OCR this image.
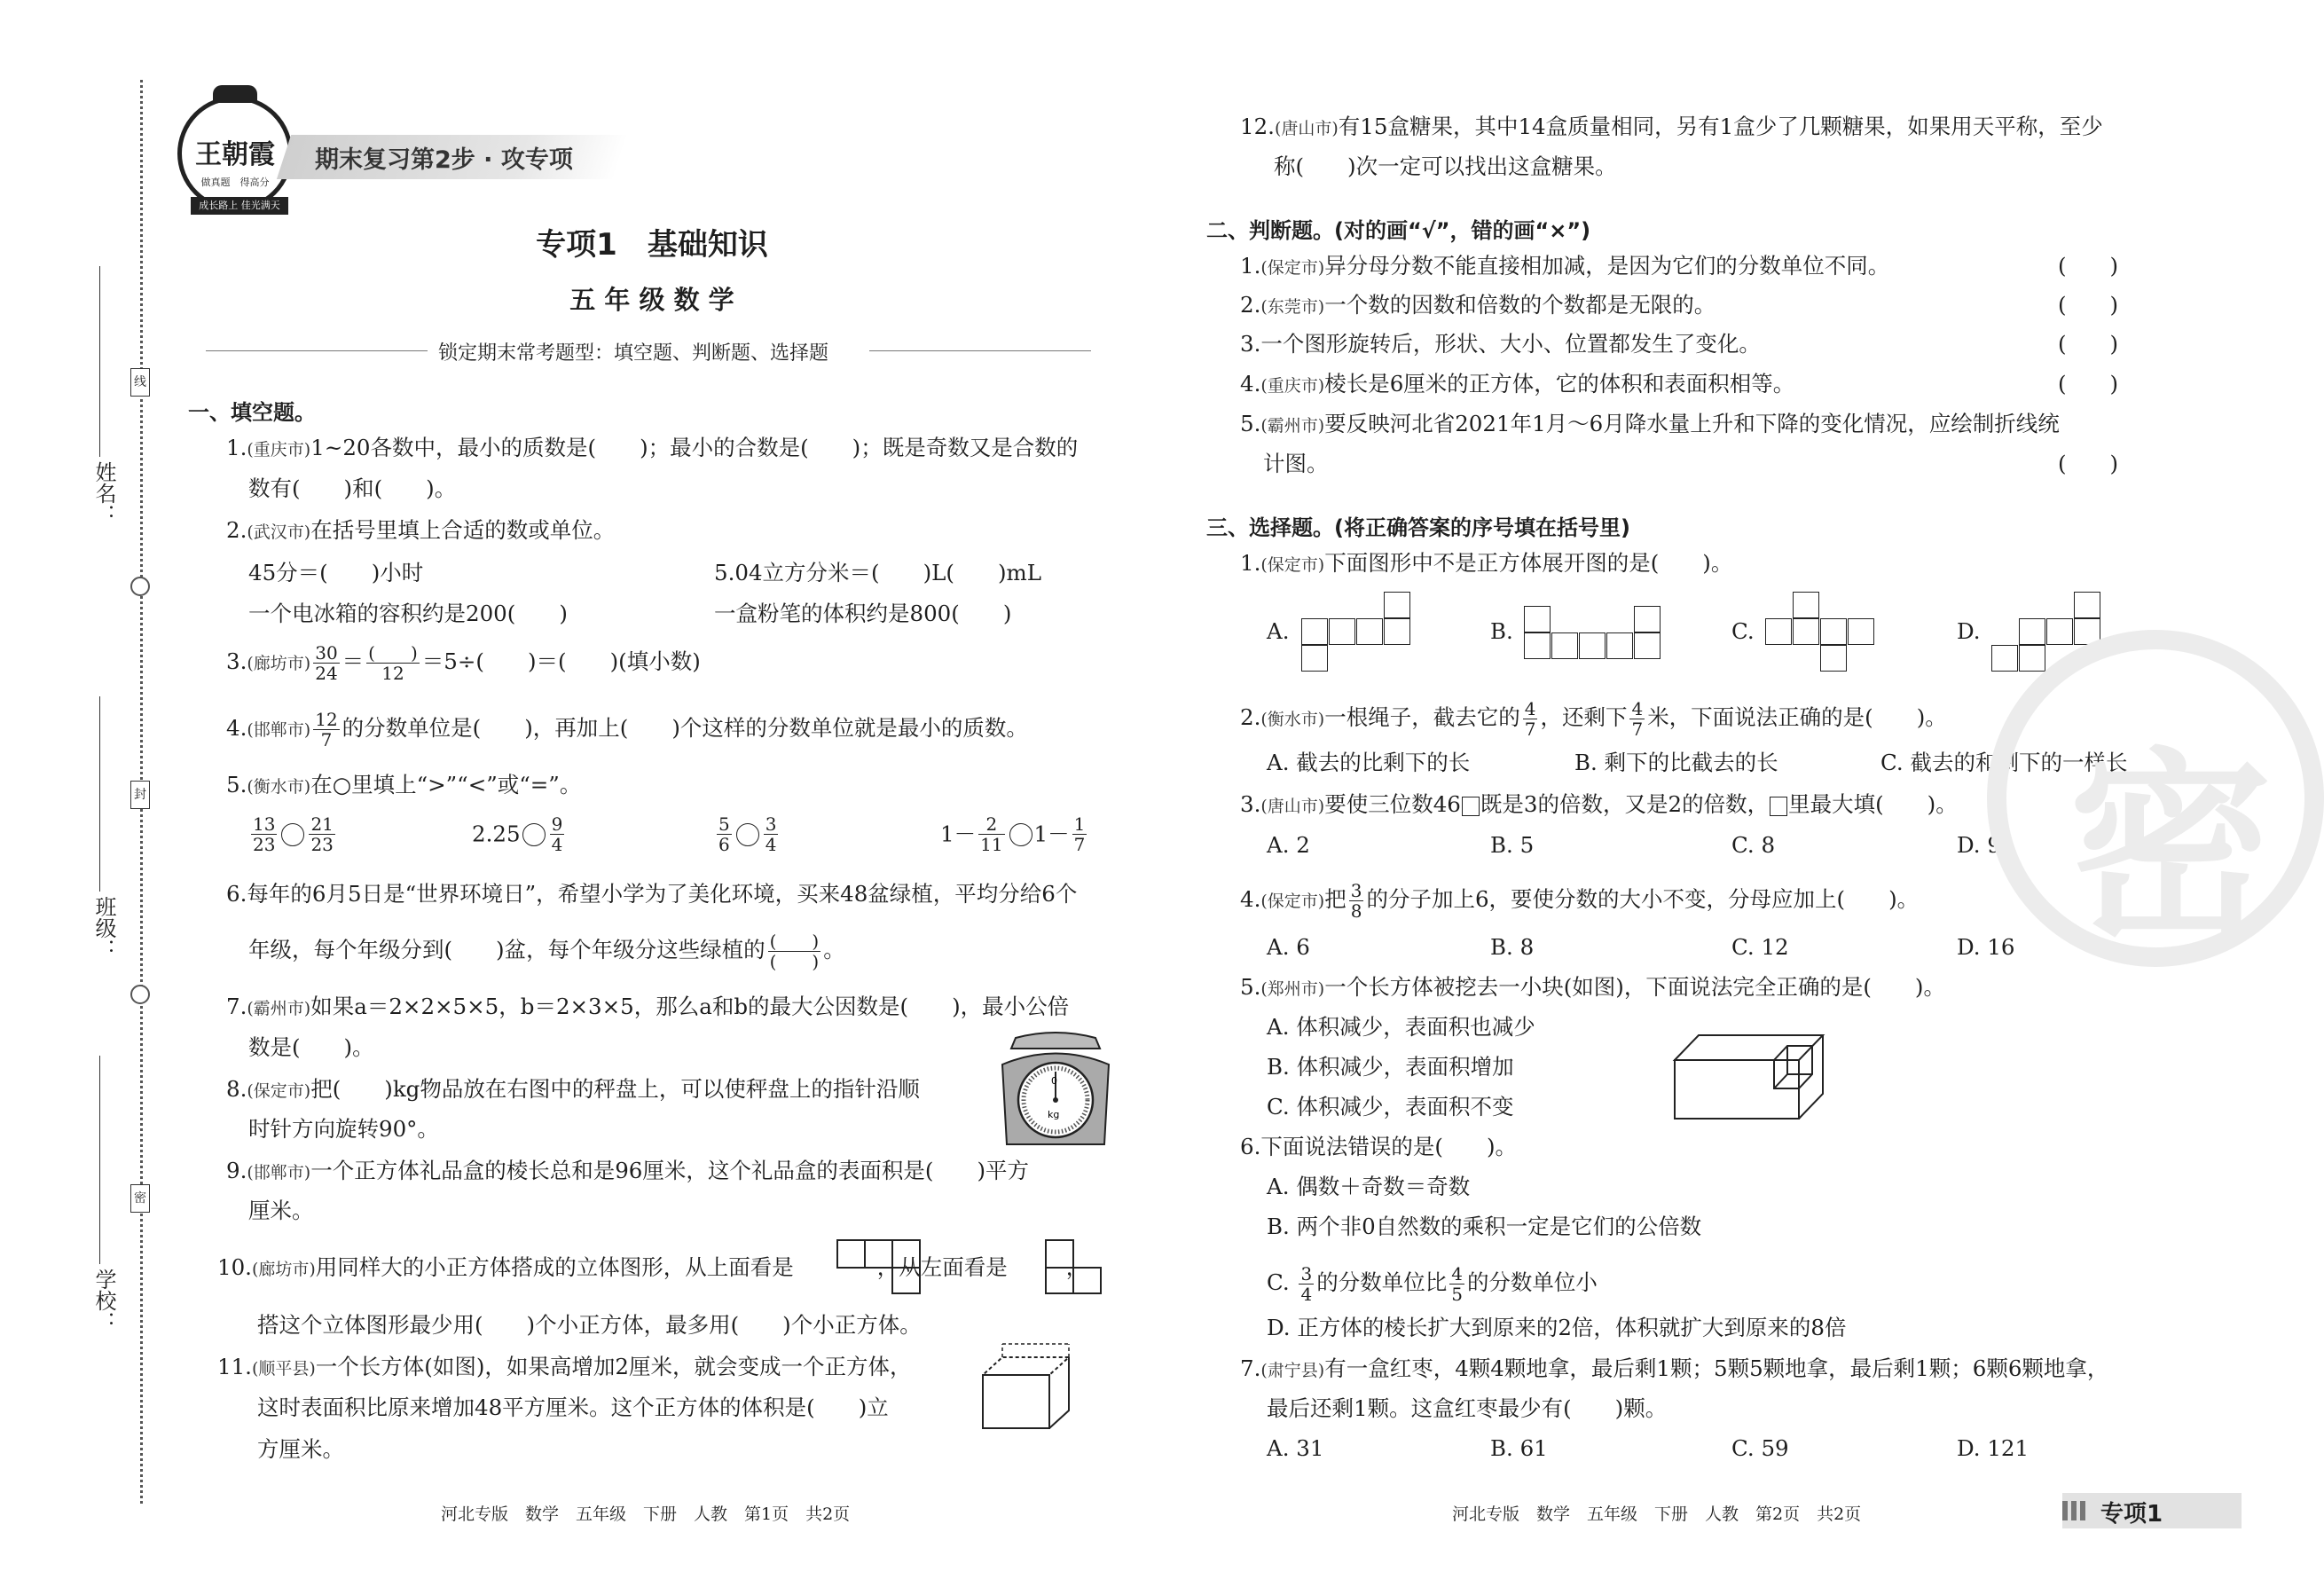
姓名：
班级：
学校：
线
封
密
王朝霞
做真题　 得高分
成长路上 佳光满天
期末复习第2步 · 攻专项
专项1　基础知识
五 年 级 数 学
锁定期末常考题型：填空题、判断题、选择题
一、填空题。
1.(重庆市)1~20各数中，最小的质数是(　　)；最小的合数是(　　)；既是奇数又是合数的
数有(　　)和(　　)。
2.(武汉市)在括号里填上合适的数或单位。
45分＝(　　)小时	5.04立方分米＝(　　)L(　　)mL
一个电冰箱的容积约是200(　　)	一盒粉笔的体积约是800(　　)
3.(廊坊市) $\frac{30}{24} = \frac{( )}{12} =5\div$(　　)＝(　　)(填小数)
4.(邯郸市) $\frac{12}{7}$ 的分数单位是(　　)，再加上(　　)个这样的分数单位就是最小的质数。
5.(衡水市)在○里填上“>”“<”或“=”。
$\frac{13}{23} \frac{21}{23}$	$2.25 \frac{9}{4}$	$\frac{5}{6} \frac{3}{4}$	$1- \frac{2}{11} 1- \frac{1}{7}$
6.每年的6月5日是“世界环境日”，希望小学为了美化环境，买来48盆绿植，平均分给6个
年级，每个年级分到(　　)盆，每个年级分这些绿植的 $\frac{( )}{( )}$ 。
7.(霸州市)如果a＝2×2×5×5，b＝2×3×5，那么a和b的最大公因数是(　　)，最小公倍
数是(　　)。
8.(保定市)把(　　)kg物品放在右图中的秤盘上，可以使秤盘上的指针沿顺
时针方向旋转90°。
0
kg
9.(邯郸市)一个正方体礼品盒的棱长总和是96厘米，这个礼品盒的表面积是(　　)平方
厘米。
10.(廊坊市)用同样大的小正方体搭成的立体图形，从上面看是	，从左面看是	，
搭这个立体图形最少用(　　)个小正方体，最多用(　　)个小正方体。
11.(顺平县)一个长方体(如图)，如果高增加2厘米，就会变成一个正方体，
这时表面积比原来增加48平方厘米。这个正方体的体积是(　　)立
方厘米。
12.(唐山市)有15盒糖果，其中14盒质量相同，另有1盒少了几颗糖果，如果用天平称，至少
称(　　)次一定可以找出这盒糖果。
二、判断题。(对的画“√”，错的画“×”)
1.(保定市)异分母分数不能直接相加减，是因为它们的分数单位不同。	(　　)
2.(东莞市)一个数的因数和倍数的个数都是无限的。	(　　)
3.一个图形旋转后，形状、大小、位置都发生了变化。	(　　)
4.(重庆市)棱长是6厘米的正方体，它的体积和表面积相等。	(　　)
5.(霸州市)要反映河北省2021年1月～6月降水量上升和下降的变化情况，应绘制折线统
计图。	(　　)
三、选择题。(将正确答案的序号填在括号里)
1.(保定市)下面图形中不是正方体展开图的是(　　)。
A.	B.	C.	D.
2.(衡水市)一根绳子，截去它的 $\frac{4}{7}$ ，还剩下 $\frac{4}{7}$ 米，下面说法正确的是(　　)。
A. 截去的比剩下的长	B. 剩下的比截去的长	C. 截去的和剩下的一样长
3.(唐山市)要使三位数46 既是3的倍数，又是2的倍数， 里最大填(　　)。
A. 2	B. 5	C. 8	D. 9
4.(保定市)把 $\frac{3}{8}$ 的分子加上6，要使分数的大小不变，分母应加上(　　)。
A. 6	B. 8	C. 12	D. 16
5.(郑州市)一个长方体被挖去一小块(如图)，下面说法完全正确的是(　　)。
A. 体积减少，表面积也减少
B. 体积减少，表面积增加
C. 体积减少，表面积不变
6.下面说法错误的是(　　)。
A. 偶数＋奇数＝奇数
B. 两个非0自然数的乘积一定是它们的公倍数
C. $\frac{3}{4}$ 的分数单位比 $\frac{4}{5}$ 的分数单位小
D. 正方体的棱长扩大到原来的2倍，体积就扩大到原来的8倍
7.(肃宁县)有一盒红枣，4颗4颗地拿，最后剩1颗；5颗5颗地拿，最后剩1颗；6颗6颗地拿，
最后还剩1颗。这盒红枣最少有(　　)颗。
A. 31	B. 61	C. 59	D. 121
密
河北专版　数学　五年级　下册　人教　第1页　共2页	河北专版　数学　五年级　下册　人教　第2页　共2页	专项1
